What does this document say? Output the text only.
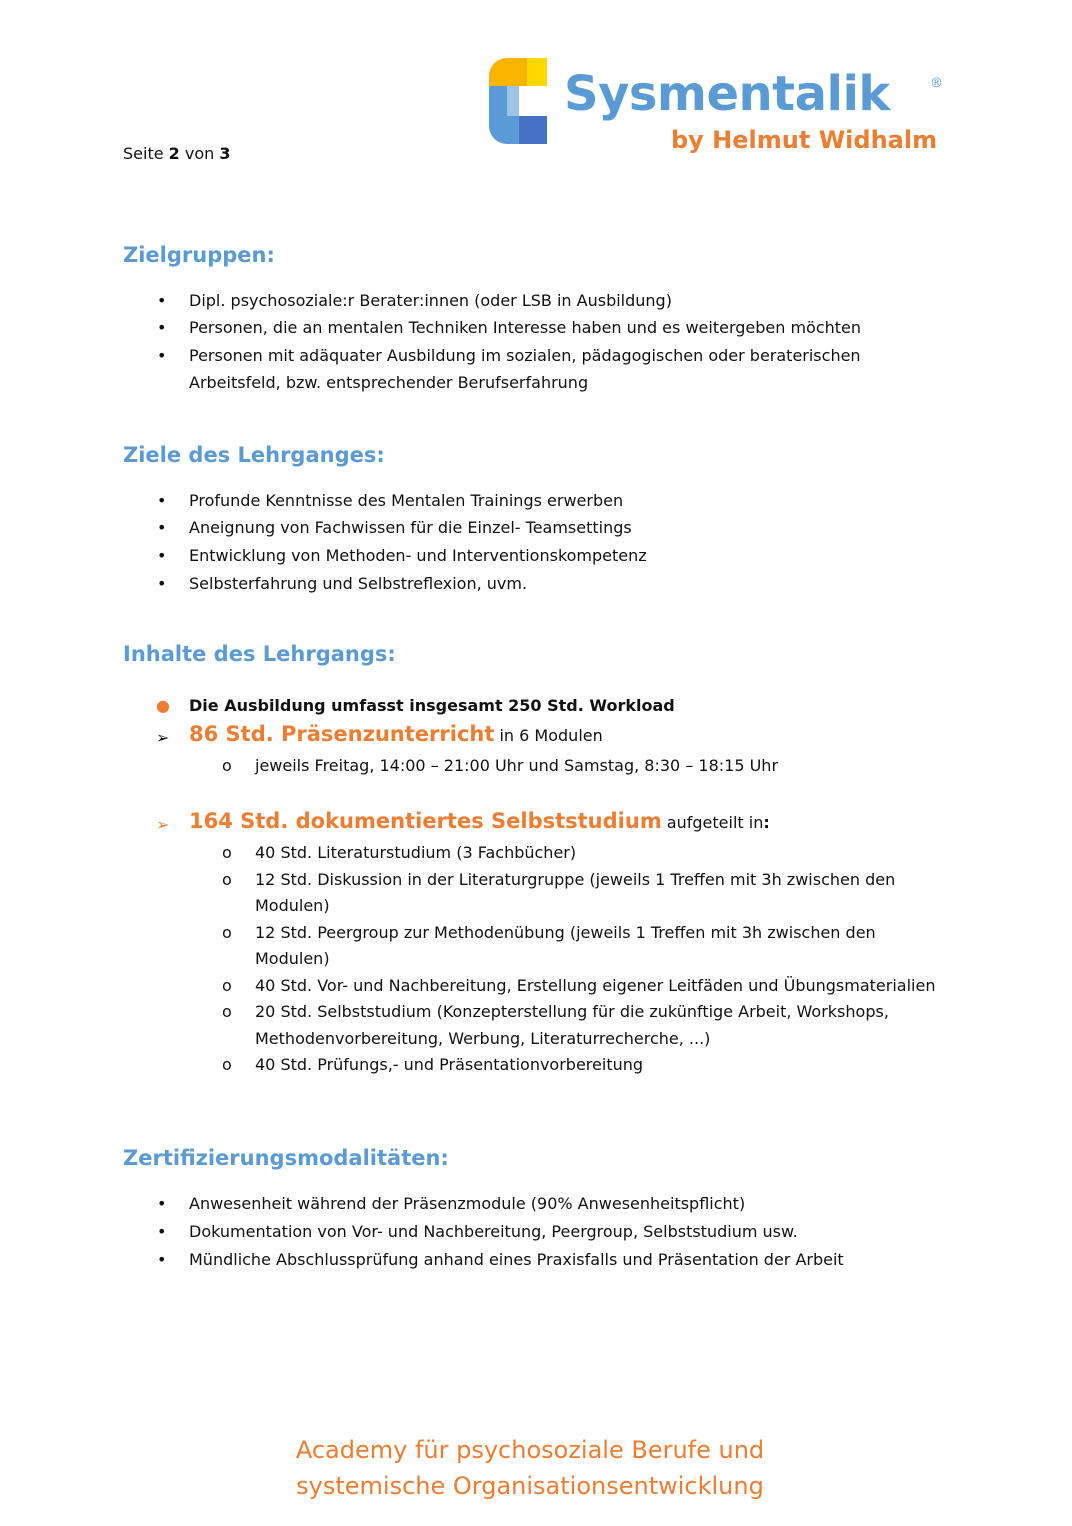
Seite 2 von 3
Sysmentalik	®
by Helmut Widhalm
Zielgruppen:
• Dipl. psychosoziale:r Berater:innen (oder LSB in Ausbildung)
• Personen, die an mentalen Techniken Interesse haben und es weitergeben möchten
• Personen mit adäquater Ausbildung im sozialen, pädagogischen oder beraterischen
Arbeitsfeld, bzw. entsprechender Berufserfahrung
Ziele des Lehrganges:
• Profunde Kenntnisse des Mentalen Trainings erwerben
• Aneignung von Fachwissen für die Einzel- Teamsettings
• Entwicklung von Methoden- und Interventionskompetenz
• Selbsterfahrung und Selbstreflexion, uvm.
Inhalte des Lehrgangs:
● Die Ausbildung umfasst insgesamt 250 Std. Workload
➢ 86 Std. Präsenzunterricht in 6 Modulen
o jeweils Freitag, 14:00 – 21:00 Uhr und Samstag, 8:30 – 18:15 Uhr
➢ 164 Std. dokumentiertes Selbststudium aufgeteilt in:
o 40 Std. Literaturstudium (3 Fachbücher)
o 12 Std. Diskussion in der Literaturgruppe (jeweils 1 Treffen mit 3h zwischen den
Modulen)
o 12 Std. Peergroup zur Methodenübung (jeweils 1 Treffen mit 3h zwischen den
Modulen)
o 40 Std. Vor- und Nachbereitung, Erstellung eigener Leitfäden und Übungsmaterialien
o 20 Std. Selbststudium (Konzepterstellung für die zukünftige Arbeit, Workshops,
Methodenvorbereitung, Werbung, Literaturrecherche, ...)
o 40 Std. Prüfungs,- und Präsentationvorbereitung
Zertifizierungsmodalitäten:
• Anwesenheit während der Präsenzmodule (90% Anwesenheitspflicht)
• Dokumentation von Vor- und Nachbereitung, Peergroup, Selbststudium usw.
• Mündliche Abschlussprüfung anhand eines Praxisfalls und Präsentation der Arbeit
Academy für psychosoziale Berufe und
systemische Organisationsentwicklung
